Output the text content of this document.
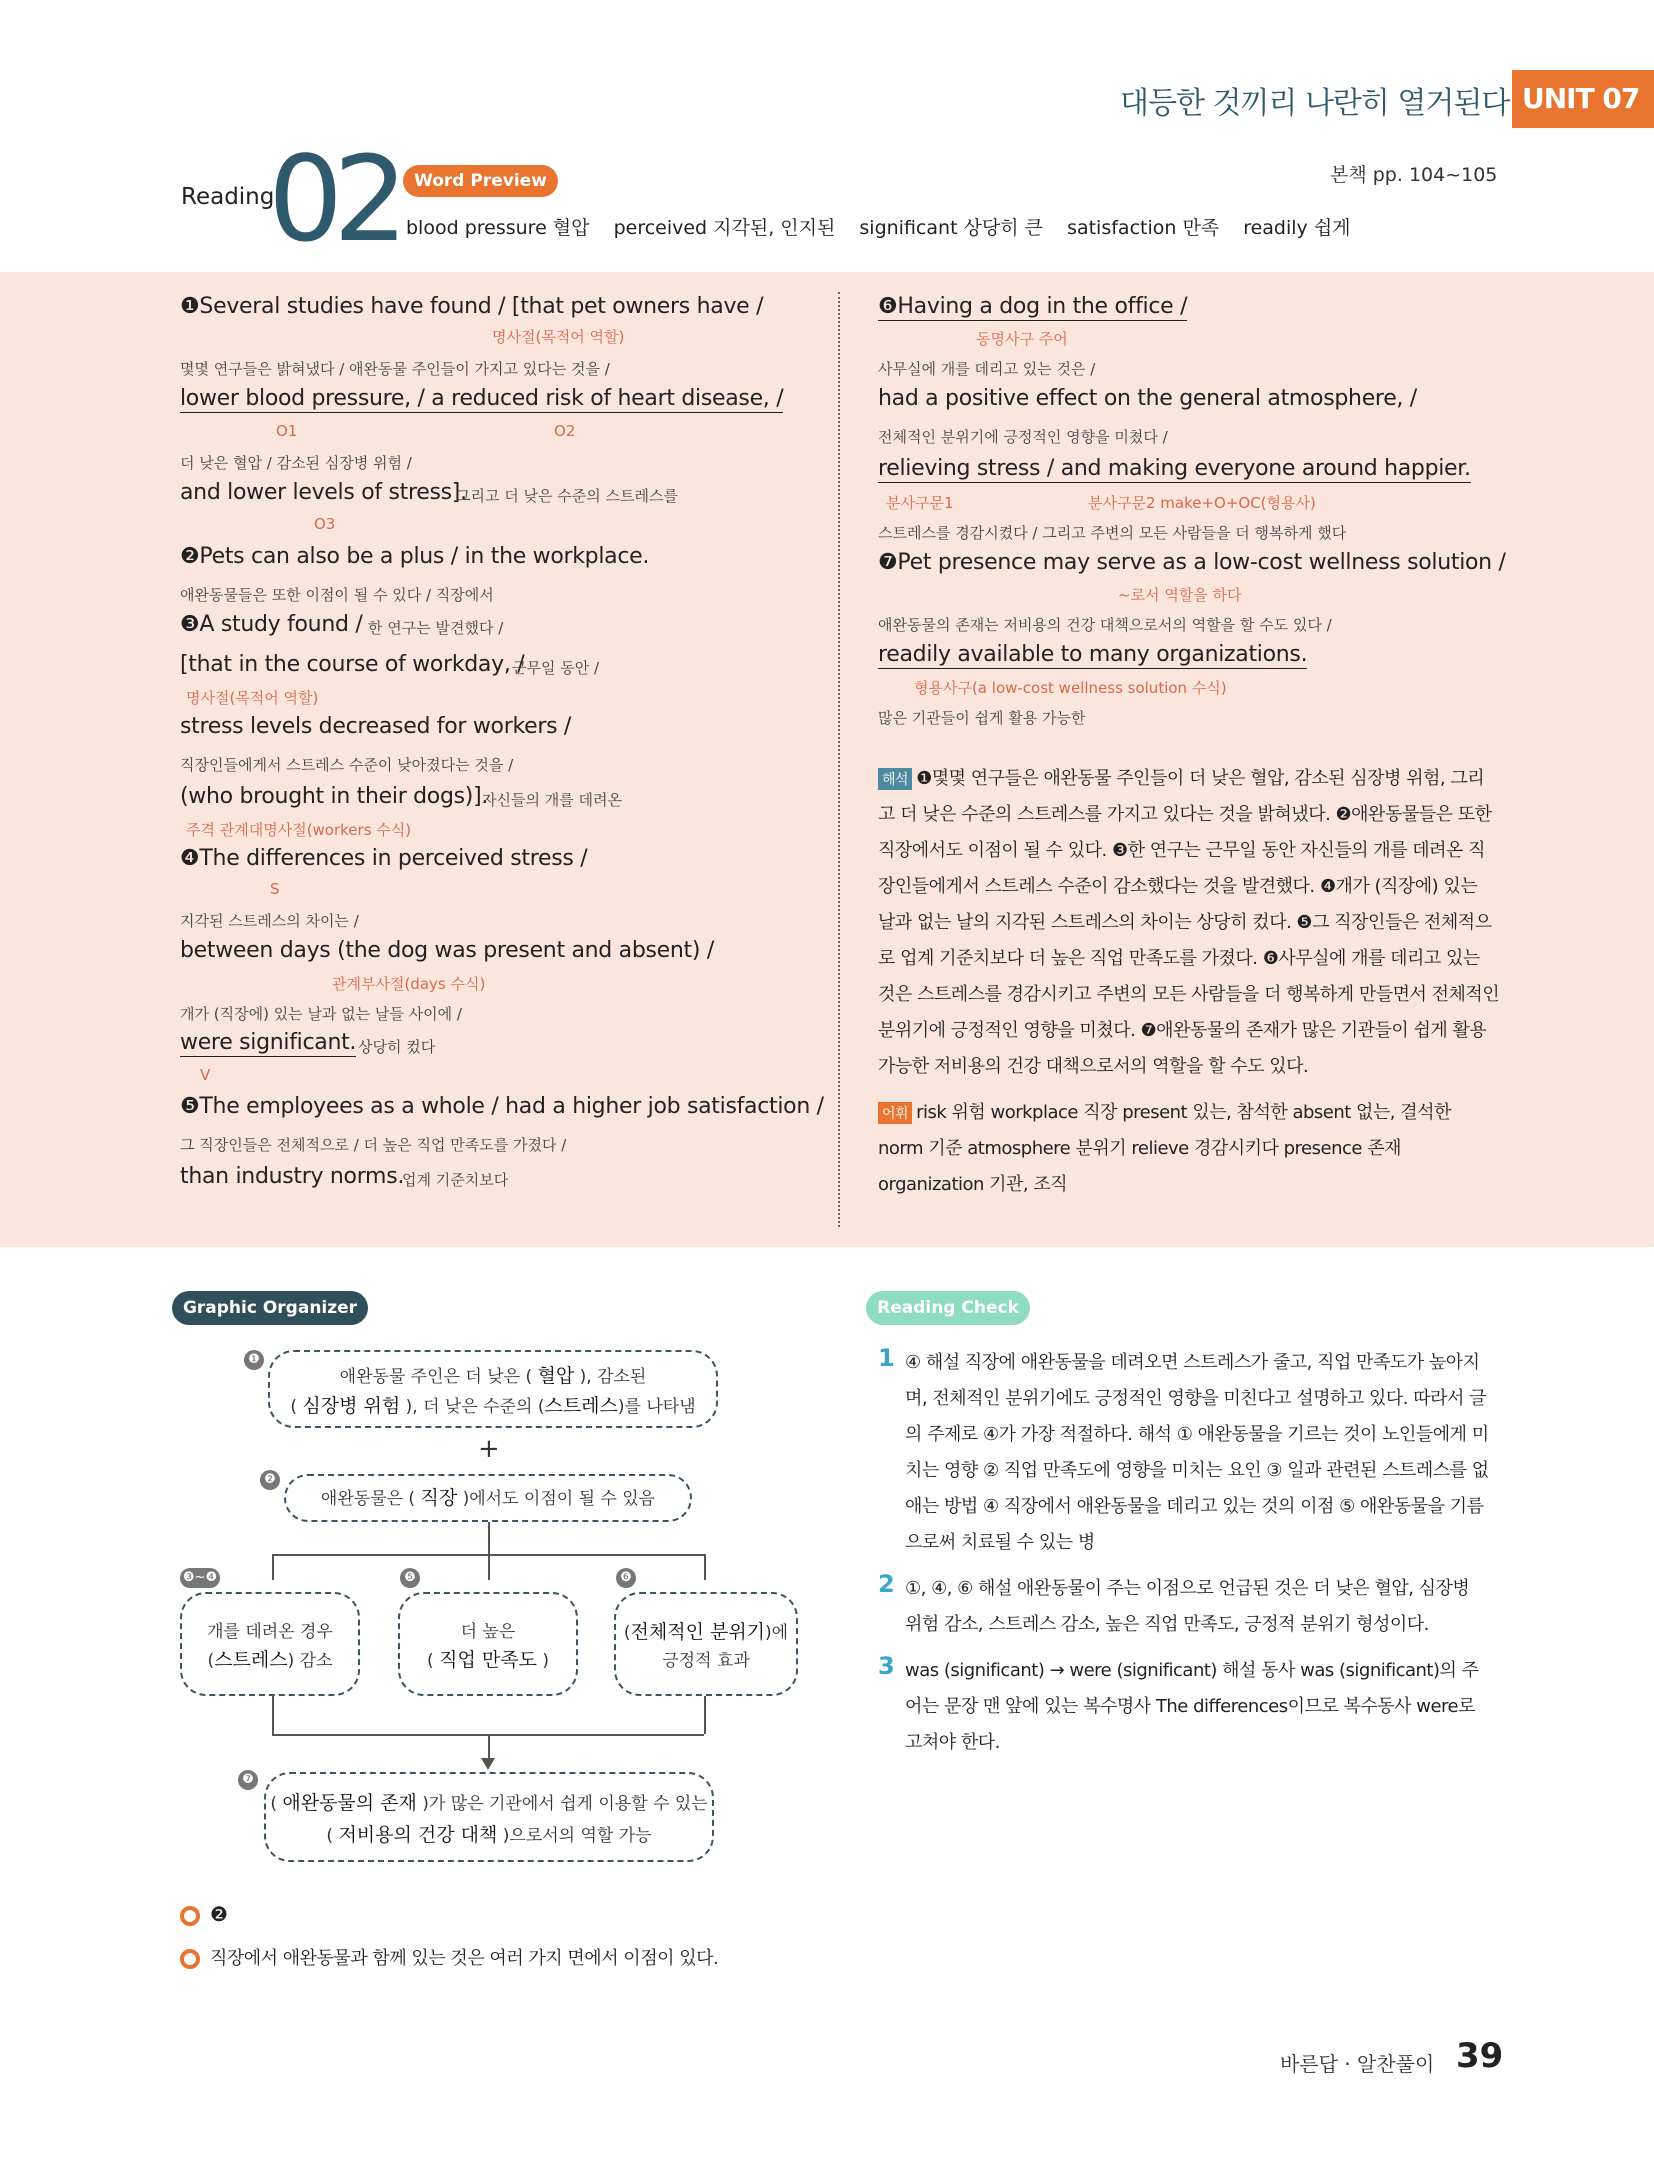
대등한 것끼리 나란히 열거된다 UNIT 07
Reading
02 Word Preview	본책 pp. 104~105
blood pressure 혈압 perceived 지각된, 인지된 significant 상당히 큰 satisfaction 만족 readily 쉽게
❶Several studies have found / [that pet owners have /
명사절(목적어 역할)
몇몇 연구들은 밝혀냈다 / 애완동물 주인들이 가지고 있다는 것을 /
lower blood pressure, / a reduced risk of heart disease, /
O1	O2
더 낮은 혈압 / 감소된 심장병 위험 /
and lower levels of stress].
그리고 더 낮은 수준의 스트레스를
O3
❷Pets can also be a plus / in the workplace.
애완동물들은 또한 이점이 될 수 있다 / 직장에서
❸A study found / 한 연구는 발견했다 /
[that in the course of workday, /
근무일 동안 /
명사절(목적어 역할)
stress levels decreased for workers /
직장인들에게서 스트레스 수준이 낮아졌다는 것을 /
(who brought in their dogs)].
자신들의 개를 데려온
주격 관계대명사절(workers 수식)
❹The differences in perceived stress /
S
지각된 스트레스의 차이는 /
between days (the dog was present and absent) /
관계부사절(days 수식)
개가 (직장에) 있는 날과 없는 날들 사이에 /
were significant. 상당히 컸다
V
❺The employees as a whole / had a higher job satisfaction /
그 직장인들은 전체적으로 / 더 높은 직업 만족도를 가졌다 /
than industry norms.
업계 기준치보다
❻Having a dog in the office /
동명사구 주어
사무실에 개를 데리고 있는 것은 /
had a positive effect on the general atmosphere, /
전체적인 분위기에 긍정적인 영향을 미쳤다 /
relieving stress / and making everyone around happier.
분사구문1	분사구문2 make+O+OC(형용사)
스트레스를 경감시켰다 / 그리고 주변의 모든 사람들을 더 행복하게 했다
❼Pet presence may serve as a low-cost wellness solution /
~로서 역할을 하다
애완동물의 존재는 저비용의 건강 대책으로서의 역할을 할 수도 있다 /
readily available to many organizations.
형용사구(a low-cost wellness solution 수식)
많은 기관들이 쉽게 활용 가능한
해석 ❶몇몇 연구들은 애완동물 주인들이 더 낮은 혈압, 감소된 심장병 위험, 그리
고 더 낮은 수준의 스트레스를 가지고 있다는 것을 밝혀냈다. ❷애완동물들은 또한
직장에서도 이점이 될 수 있다. ❸한 연구는 근무일 동안 자신들의 개를 데려온 직
장인들에게서 스트레스 수준이 감소했다는 것을 발견했다. ❹개가 (직장에) 있는
날과 없는 날의 지각된 스트레스의 차이는 상당히 컸다. ❺그 직장인들은 전체적으
로 업계 기준치보다 더 높은 직업 만족도를 가졌다. ❻사무실에 개를 데리고 있는
것은 스트레스를 경감시키고 주변의 모든 사람들을 더 행복하게 만들면서 전체적인
분위기에 긍정적인 영향을 미쳤다. ❼애완동물의 존재가 많은 기관들이 쉽게 활용
가능한 저비용의 건강 대책으로서의 역할을 할 수도 있다.
어휘 risk 위험 workplace 직장 present 있는, 참석한 absent 없는, 결석한
norm 기준 atmosphere 분위기 relieve 경감시키다 presence 존재
organization 기관, 조직
Graphic Organizer
❶
애완동물 주인은 더 낮은 ( 혈압 ), 감소된
( 심장병 위험 ), 더 낮은 수준의 (스트레스)를 나타냄
+
❷
애완동물은 ( 직장 )에서도 이점이 될 수 있음
❸~❹
개를 데려온 경우
(스트레스) 감소
❺
더 높은
( 직업 만족도 )
❻
(전체적인 분위기)에
긍정적 효과
❼
( 애완동물의 존재 )가 많은 기관에서 쉽게 이용할 수 있는
( 저비용의 건강 대책 )으로서의 역할 가능
❷
직장에서 애완동물과 함께 있는 것은 여러 가지 면에서 이점이 있다.
Reading Check
1 ④ 해설 직장에 애완동물을 데려오면 스트레스가 줄고, 직업 만족도가 높아지
며, 전체적인 분위기에도 긍정적인 영향을 미친다고 설명하고 있다. 따라서 글
의 주제로 ④가 가장 적절하다. 해석 ① 애완동물을 기르는 것이 노인들에게 미
치는 영향 ② 직업 만족도에 영향을 미치는 요인 ③ 일과 관련된 스트레스를 없
애는 방법 ④ 직장에서 애완동물을 데리고 있는 것의 이점 ⑤ 애완동물을 기름
으로써 치료될 수 있는 병
2 ①, ④, ⑥ 해설 애완동물이 주는 이점으로 언급된 것은 더 낮은 혈압, 심장병
위험 감소, 스트레스 감소, 높은 직업 만족도, 긍정적 분위기 형성이다.
3 was (significant) → were (significant) 해설 동사 was (significant)의 주
어는 문장 맨 앞에 있는 복수명사 The differences이므로 복수동사 were로
고쳐야 한다.
바른답 · 알찬풀이 39
